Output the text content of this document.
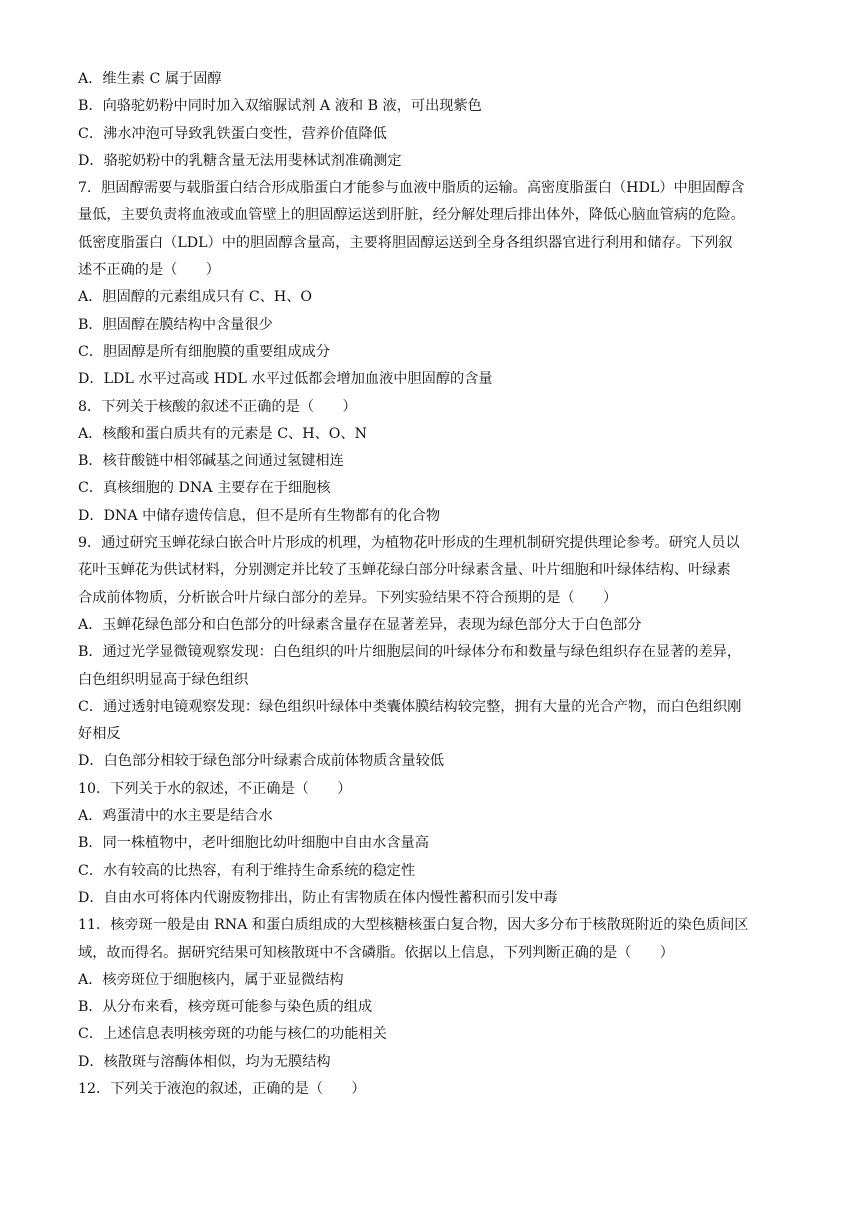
A．维生素 C 属于固醇
B．向骆驼奶粉中同时加入双缩脲试剂 A 液和 B 液，可出现紫色
C．沸水冲泡可导致乳铁蛋白变性，营养价值降低
D．骆驼奶粉中的乳糖含量无法用斐林试剂准确测定
7．胆固醇需要与载脂蛋白结合形成脂蛋白才能参与血液中脂质的运输。高密度脂蛋白（HDL）中胆固醇含
量低，主要负责将血液或血管壁上的胆固醇运送到肝脏，经分解处理后排出体外，降低心脑血管病的危险。
低密度脂蛋白（LDL）中的胆固醇含量高，主要将胆固醇运送到全身各组织器官进行利用和储存。下列叙
述不正确的是（　　）
A．胆固醇的元素组成只有 C、H、O
B．胆固醇在膜结构中含量很少
C．胆固醇是所有细胞膜的重要组成成分
D．LDL 水平过高或 HDL 水平过低都会增加血液中胆固醇的含量
8．下列关于核酸的叙述不正确的是（　　）
A．核酸和蛋白质共有的元素是 C、H、O、N
B．核苷酸链中相邻碱基之间通过氢键相连
C．真核细胞的 DNA 主要存在于细胞核
D．DNA 中储存遗传信息，但不是所有生物都有的化合物
9．通过研究玉蝉花绿白嵌合叶片形成的机理，为植物花叶形成的生理机制研究提供理论参考。研究人员以
花叶玉蝉花为供试材料，分别测定并比较了玉蝉花绿白部分叶绿素含量、叶片细胞和叶绿体结构、叶绿素
合成前体物质，分析嵌合叶片绿白部分的差异。下列实验结果不符合预期的是（　　）
A．玉蝉花绿色部分和白色部分的叶绿素含量存在显著差异，表现为绿色部分大于白色部分
B．通过光学显微镜观察发现：白色组织的叶片细胞层间的叶绿体分布和数量与绿色组织存在显著的差异，
白色组织明显高于绿色组织
C．通过透射电镜观察发现：绿色组织叶绿体中类囊体膜结构较完整，拥有大量的光合产物，而白色组织刚
好相反
D．白色部分相较于绿色部分叶绿素合成前体物质含量较低
10．下列关于水的叙述，不正确是（　　）
A．鸡蛋清中的水主要是结合水
B．同一株植物中，老叶细胞比幼叶细胞中自由水含量高
C．水有较高的比热容，有利于维持生命系统的稳定性
D．自由水可将体内代谢废物排出，防止有害物质在体内慢性蓄积而引发中毒
11．核旁斑一般是由 RNA 和蛋白质组成的大型核糖核蛋白复合物，因大多分布于核散斑附近的染色质间区
域，故而得名。据研究结果可知核散斑中不含磷脂。依据以上信息，下列判断正确的是（　　）
A．核旁斑位于细胞核内，属于亚显微结构
B．从分布来看，核旁斑可能参与染色质的组成
C．上述信息表明核旁斑的功能与核仁的功能相关
D．核散斑与溶酶体相似，均为无膜结构
12．下列关于液泡的叙述，正确的是（　　）
